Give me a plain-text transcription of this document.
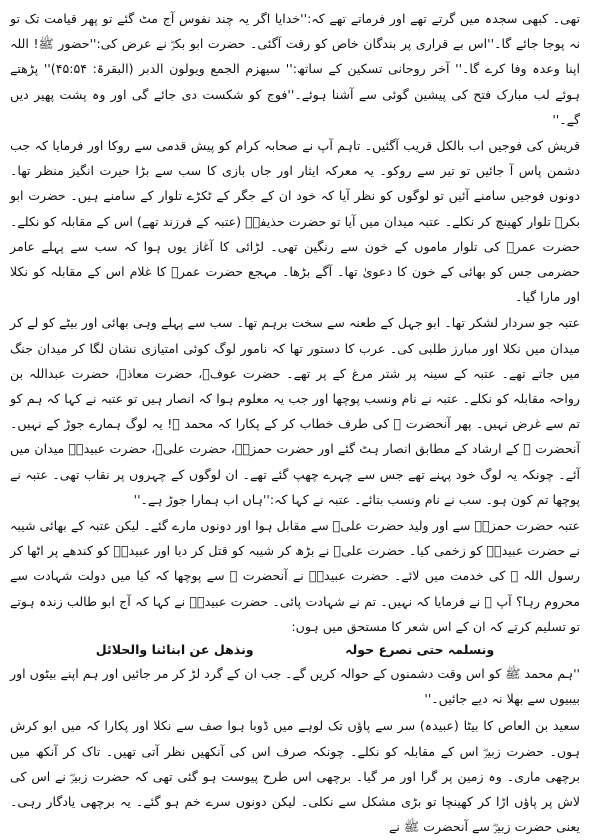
تھی۔ کبھی سجدہ میں گرتے تھے اور فرماتے تھے کہ:''خدایا اگر یہ چند نفوس آج مٹ گئے تو پھر قیامت تک تو نہ پوجا جائے گا۔''اس بے قراری پر بندگان خاص کو رقت آگئی۔ حضرت ابو بکرؓ نے عرض کی:''حضور ﷺ! اللہ اپنا وعدہ وفا کرے گا۔'' آخر روحانی تسکین کے ساتھ:'' سیھزم الجمع ویولون الدبر (البقرۃ: ۴۵:۵۴)'' پڑھتے ہوئے لب مبارک فتح کی پیشین گوئی سے آشنا ہوئے۔''فوج کو شکست دی جائے گی اور وہ پشت پھیر دیں گے۔''

قریش کی فوجیں اب بالکل قریب آگئیں۔ تاہم آپ نے صحابہ کرام کو پیش قدمی سے روکا اور فرمایا کہ جب دشمن پاس آ جائیں تو تیر سے روکو۔ یہ معرکہ ایثار اور جاں بازی کا سب سے بڑا حیرت انگیز منظر تھا۔ دونوں فوجیں سامنے آئیں تو لوگوں کو نظر آیا کہ خود ان کے جگر کے ٹکڑے تلوار کے سامنے ہیں۔ حضرت ابو بکرؓ تلوار کھینچ کر نکلے۔ عتبہ میدان میں آیا تو حضرت حذیفہؓ (عتبہ کے فرزند تھے) اس کے مقابلہ کو نکلے۔ حضرت عمرؓ کی تلوار ماموں کے خون سے رنگین تھی۔ لڑائی کا آغاز یوں ہوا کہ سب سے پہلے عامر حضرمی جس کو بھائی کے خون کا دعویٰ تھا۔ آگے بڑھا۔ مہجع حضرت عمرؓ کا غلام اس کے مقابلہ کو نکلا اور مارا گیا۔

عتبہ جو سردار لشکر تھا۔ ابو جہل کے طعنہ سے سخت برہم تھا۔ سب سے پہلے وہی بھائی اور بیٹے کو لے کر میدان میں نکلا اور مبارز طلبی کی۔ عرب کا دستور تھا کہ نامور لوگ کوئی امتیازی نشان لگا کر میدان جنگ میں جاتے تھے۔ عتبہ کے سینہ پر شتر مرغ کے پر تھے۔ حضرت عوفؓ، حضرت معاذؓ، حضرت عبداللہ بن رواحہ مقابلہ کو نکلے۔ عتبہ نے نام ونسب پوچھا اور جب یہ معلوم ہوا کہ انصار ہیں تو عتبہ نے کہا کہ ہم کو تم سے غرض نہیں۔ پھر آنحضرت ﷺ کی طرف خطاب کر کے پکارا کہ محمد ﷺ! یہ لوگ ہمارے جوڑ کے نہیں۔ آنحضرت ﷺ کے ارشاد کے مطابق انصار ہٹ گئے اور حضرت حمزہؓ، حضرت علیؓ، حضرت عبیدہؓ میدان میں آئے۔ چونکہ یہ لوگ خود پہنے تھے جس سے چہرے چھپ گئے تھے۔ ان لوگوں کے چہروں پر نقاب تھی۔ عتبہ نے پوچھا تم کون ہو۔ سب نے نام ونسب بتائے۔ عتبہ نے کہا کہ:''ہاں اب ہمارا جوڑ ہے۔''

عتبہ حضرت حمزہؓ سے اور ولید حضرت علیؓ سے مقابل ہوا اور دونوں مارے گئے۔ لیکن عتبہ کے بھائی شیبہ نے حضرت عبیدہؓ کو زخمی کیا۔ حضرت علیؓ نے بڑھ کر شیبہ کو قتل کر دیا اور عبیدہؓ کو کندھے پر اٹھا کر رسول اللہ ﷺ کی خدمت میں لائے۔ حضرت عبیدہؓ نے آنحضرت ﷺ سے پوچھا کہ کیا میں دولت شہادت سے محروم رہا؟ آپ ﷺ نے فرمایا کہ نہیں۔ تم نے شہادت پائی۔ حضرت عبیدہؓ نے کہا کہ آج ابو طالب زندہ ہوتے تو تسلیم کرتے کہ ان کے اس شعر کا مستحق میں ہوں:

ونسلمہ حتی نصرع حولہ
ونذھل عن ابنائنا والحلائل

''ہم محمد ﷺ کو اس وقت دشمنوں کے حوالہ کریں گے۔ جب ان کے گرد لڑ کر مر جائیں اور ہم اپنے بیٹوں اور بیبیوں سے بھلا نہ دیے جائیں۔''

سعید بن العاص کا بیٹا (عبیدہ) سر سے پاؤں تک لوہے میں ڈوبا ہوا صف سے نکلا اور پکارا کہ میں ابو کرش ہوں۔ حضرت زبیرؓ اس کے مقابلہ کو نکلے۔ چونکہ صرف اس کی آنکھیں نظر آتی تھیں۔ تاک کر آنکھ میں برچھی ماری۔ وہ زمین پر گرا اور مر گیا۔ برچھی اس طرح پیوست ہو گئی تھی کہ حضرت زبیرؓ نے اس کی لاش پر پاؤں اڑا کر کھینچا تو بڑی مشکل سے نکلی۔ لیکن دونوں سرے خم ہو گئے۔ یہ برچھی یادگار رہی۔ یعنی حضرت زبیرؓ سے آنحضرت ﷺ نے
